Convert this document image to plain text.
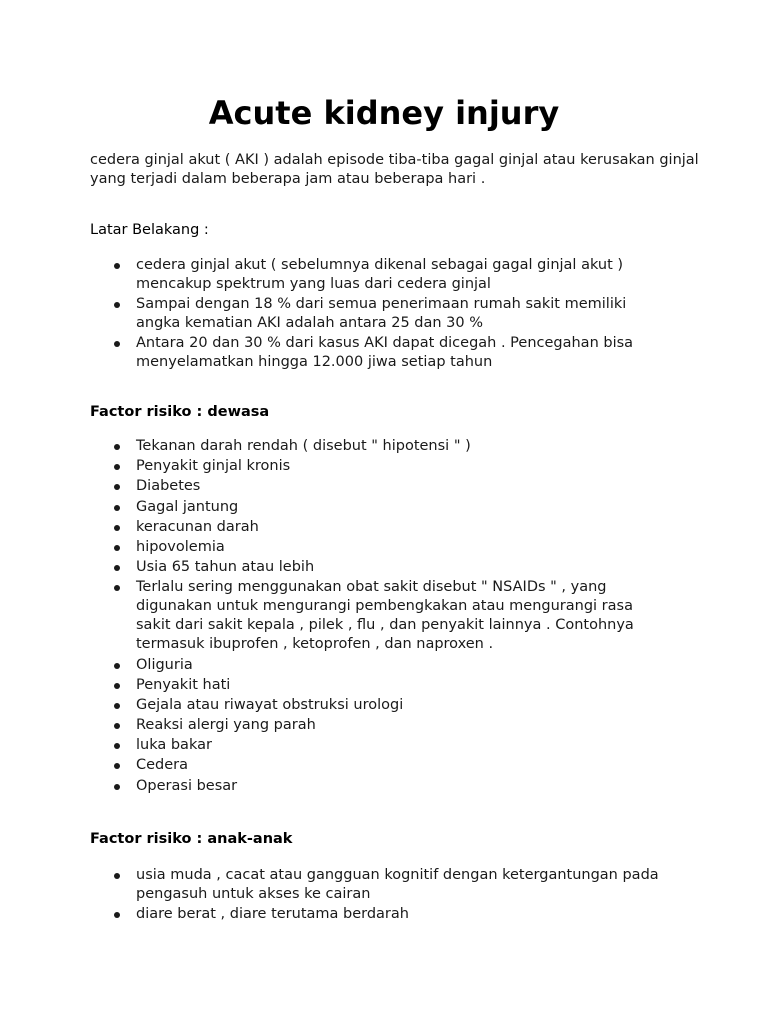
Acute kidney injury

cedera ginjal akut ( AKI ) adalah episode tiba-tiba gagal ginjal atau kerusakan ginjal yang terjadi dalam beberapa jam atau beberapa hari .

Latar Belakang :
cedera ginjal akut ( sebelumnya dikenal sebagai gagal ginjal akut ) mencakup spektrum yang luas dari cedera ginjal
Sampai dengan 18 % dari semua penerimaan rumah sakit memiliki angka kematian AKI adalah antara 25 dan 30 %
Antara 20 dan 30 % dari kasus AKI dapat dicegah . Pencegahan bisa menyelamatkan hingga 12.000 jiwa setiap tahun
Factor risiko : dewasa
Tekanan darah rendah ( disebut " hipotensi " )
Penyakit ginjal kronis
Diabetes
Gagal jantung
keracunan darah
hipovolemia
Usia 65 tahun atau lebih
Terlalu sering menggunakan obat sakit disebut " NSAIDs " , yang digunakan untuk mengurangi pembengkakan atau mengurangi rasa sakit dari sakit kepala , pilek , flu , dan penyakit lainnya . Contohnya termasuk ibuprofen , ketoprofen , dan naproxen .
Oliguria
Penyakit hati
Gejala atau riwayat obstruksi urologi
Reaksi alergi yang parah
luka bakar
Cedera
Operasi besar
Factor risiko : anak-anak
usia muda , cacat atau gangguan kognitif dengan ketergantungan pada pengasuh untuk akses ke cairan
diare berat , diare terutama berdarah
